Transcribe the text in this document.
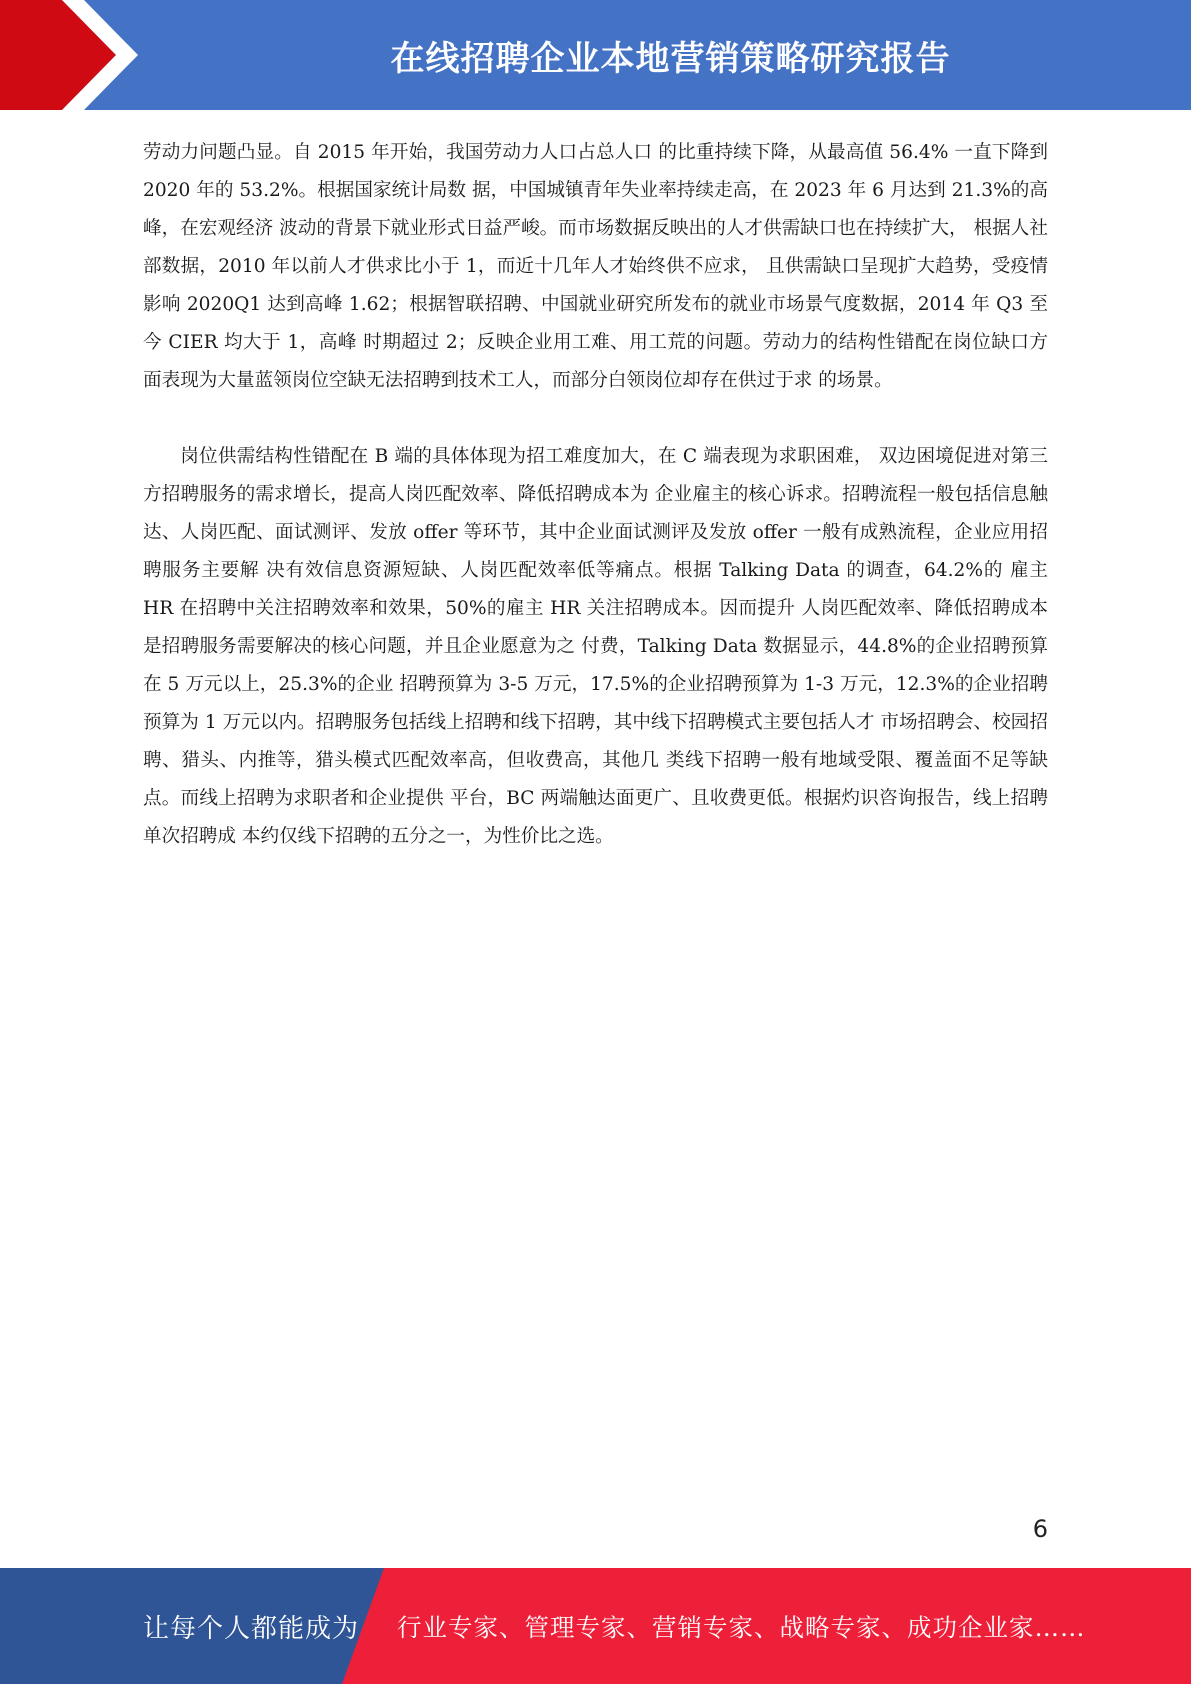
在线招聘企业本地营销策略研究报告

劳动力问题凸显。自 2015 年开始，我国劳动力人口占总人口 的比重持续下降，从最高值 56.4% 一直下降到 2020 年的 53.2%。根据国家统计局数 据，中国城镇青年失业率持续走高，在 2023 年 6 月达到 21.3%的高峰，在宏观经济 波动的背景下就业形式日益严峻。而市场数据反映出的人才供需缺口也在持续扩大， 根据人社部数据，2010 年以前人才供求比小于 1，而近十几年人才始终供不应求， 且供需缺口呈现扩大趋势，受疫情影响 2020Q1 达到高峰 1.62；根据智联招聘、中国就业研究所发布的就业市场景气度数据，2014 年 Q3 至今 CIER 均大于 1，高峰 时期超过 2；反映企业用工难、用工荒的问题。劳动力的结构性错配在岗位缺口方 面表现为大量蓝领岗位空缺无法招聘到技术工人，而部分白领岗位却存在供过于求 的场景。

岗位供需结构性错配在 B 端的具体体现为招工难度加大，在 C 端表现为求职困难， 双边困境促进对第三方招聘服务的需求增长，提高人岗匹配效率、降低招聘成本为 企业雇主的核心诉求。招聘流程一般包括信息触达、人岗匹配、面试测评、发放 offer 等环节，其中企业面试测评及发放 offer 一般有成熟流程，企业应用招聘服务主要解 决有效信息资源短缺、人岗匹配效率低等痛点。根据 Talking Data 的调查，64.2%的 雇主 HR 在招聘中关注招聘效率和效果，50%的雇主 HR 关注招聘成本。因而提升 人岗匹配效率、降低招聘成本是招聘服务需要解决的核心问题，并且企业愿意为之 付费，Talking Data 数据显示，44.8%的企业招聘预算在 5 万元以上，25.3%的企业 招聘预算为 3-5 万元，17.5%的企业招聘预算为 1-3 万元，12.3%的企业招聘预算为 1 万元以内。招聘服务包括线上招聘和线下招聘，其中线下招聘模式主要包括人才 市场招聘会、校园招聘、猎头、内推等，猎头模式匹配效率高，但收费高，其他几 类线下招聘一般有地域受限、覆盖面不足等缺点。而线上招聘为求职者和企业提供 平台，BC 两端触达面更广、且收费更低。根据灼识咨询报告，线上招聘单次招聘成 本约仅线下招聘的五分之一，为性价比之选。

6
让每个人都能成为 行业专家、管理专家、营销专家、战略专家、成功企业家……
